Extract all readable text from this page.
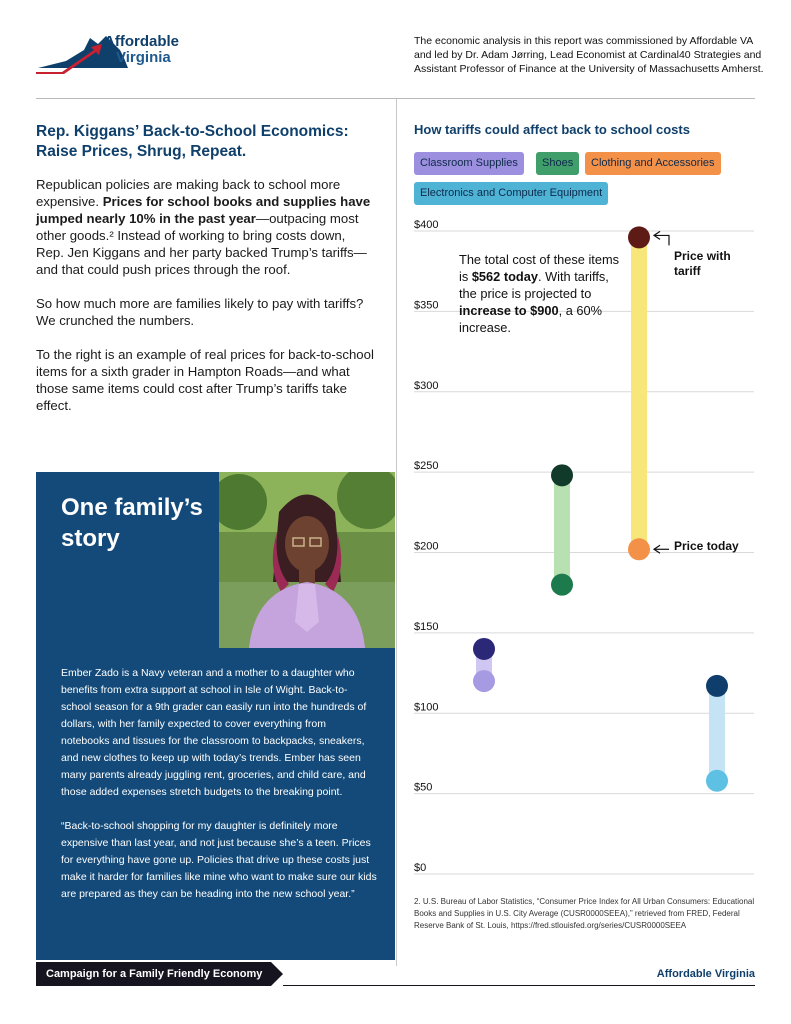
Affordable
Virginia
The economic analysis in this report was commissioned by Affordable VA and led by Dr. Adam Jørring, Lead Economist at Cardinal40 Strategies and Assistant Professor of Finance at the University of Massachusetts Amherst.
Rep. Kiggans’ Back-to-School Economics: Raise Prices, Shrug, Repeat.

Republican policies are making back to school more expensive. Prices for school books and supplies have jumped nearly 10% in the past year—outpacing most other goods.² Instead of working to bring costs down, Rep. Jen Kiggans and her party backed Trump’s tariffs—and that could push prices through the roof.

So how much more are families likely to pay with tariffs? We crunched the numbers.

To the right is an example of real prices for back-to-school items for a sixth grader in Hampton Roads—and what those same items could cost after Trump’s tariffs take effect.

One family’s story

Ember Zado is a Navy veteran and a mother to a daughter who benefits from extra support at school in Isle of Wight. Back-to-school season for a 9th grader can easily run into the hundreds of dollars, with her family expected to cover everything from notebooks and tissues for the classroom to backpacks, sneakers, and new clothes to keep up with today’s trends. Ember has seen many parents already juggling rent, groceries, and child care, and those added expenses stretch budgets to the breaking point.

“Back-to-school shopping for my daughter is definitely more expensive than last year, and not just because she’s a teen. Prices for everything have gone up. Policies that drive up these costs just make it harder for families like mine who want to make sure our kids are prepared as they can be heading into the new school year.”

How tariffs could affect back to school costs
Classroom Supplies	Shoes	Clothing and Accessories
Electronics and Computer Equipment
$0
$50
$100
$150
$200
$250
$300
$350
$400
The total cost of these items is $562 today. With tariffs, the price is projected to increase to $900, a 60% increase.
Price with tariff
Price today
2. U.S. Bureau of Labor Statistics, “Consumer Price Index for All Urban Consumers: Educational Books and Supplies in U.S. City Average (CUSR0000SEEA),” retrieved from FRED, Federal Reserve Bank of St. Louis, https://fred.stlouisfed.org/series/CUSR0000SEEA
Campaign for a Family Friendly Economy	Affordable Virginia
